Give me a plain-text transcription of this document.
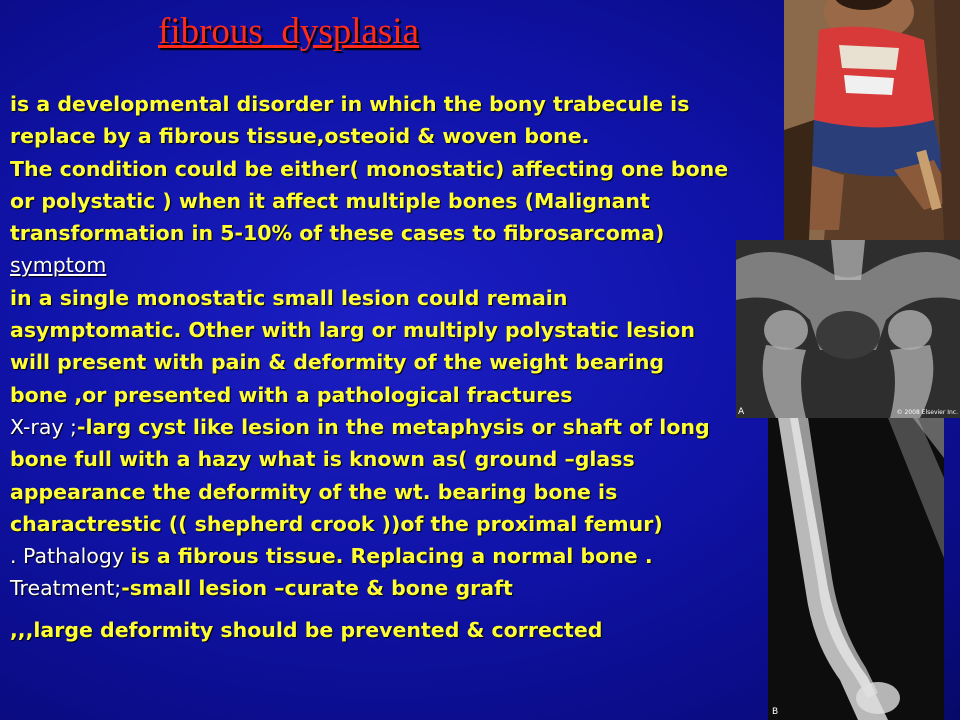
fibrous  dysplasia
is a developmental disorder in which the bony trabecule is
replace by a fibrous tissue,osteoid & woven bone.
The condition could be either( monostatic) affecting one bone
or polystatic ) when it affect multiple bones (Malignant
transformation in 5-10% of these cases to fibrosarcoma)
symptom
in a single monostatic small lesion could remain
asymptomatic. Other with larg or multiply polystatic lesion
will present with pain & deformity of the weight bearing
bone ,or presented with a pathological fractures
X-ray ;-larg cyst like lesion in the metaphysis or shaft of long
bone full with a hazy what is known as( ground –glass
appearance the deformity of the wt. bearing bone is
charactrestic (( shepherd crook ))of the proximal femur)
. Pathalogy is a fibrous tissue. Replacing a normal bone .
Treatment;-small lesion –curate & bone graft
,,,large deformity should be prevented & corrected
A	© 2008 Elsevier Inc.
B
